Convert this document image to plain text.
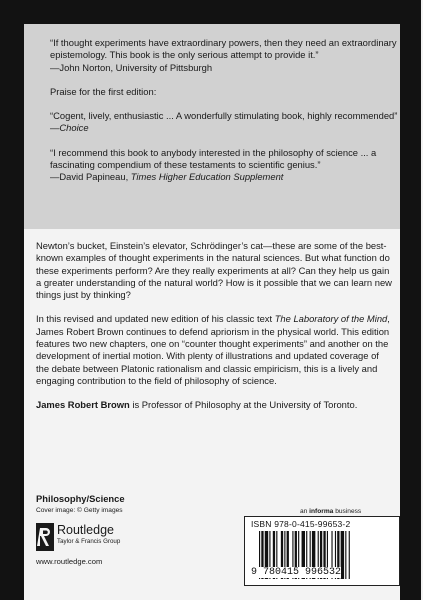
“If thought experiments have extraordinary powers, then they need an extraordinary epistemology. This book is the only serious attempt to provide it.”
—John Norton, University of Pittsburgh

Praise for the first edition:

“Cogent, lively, enthusiastic ... A wonderfully stimulating book, highly recommended”
—Choice

“I recommend this book to anybody interested in the philosophy of science ... a fascinating compendium of these testaments to scientific genius.”
—David Papineau, Times Higher Education Supplement

Newton’s bucket, Einstein’s elevator, Schrödinger’s cat—these are some of the best-known examples of thought experiments in the natural sciences. But what function do these experiments perform? Are they really experiments at all? Can they help us gain a greater understanding of the natural world? How is it possible that we can learn new things just by thinking?

In this revised and updated new edition of his classic text The Laboratory of the Mind, James Robert Brown continues to defend apriorism in the physical world. This edition features two new chapters, one on “counter thought experiments” and another on the development of inertial motion. With plenty of illustrations and updated coverage of the debate between Platonic rationalism and classic empiricism, this is a lively and engaging contribution to the field of philosophy of science.

James Robert Brown is Professor of Philosophy at the University of Toronto.

Philosophy/Science
Cover image: © Getty images
Routledge
Taylor & Francis Group
www.routledge.com
an informa business
ISBN 978-0-415-99653-2
9 780415 996532
